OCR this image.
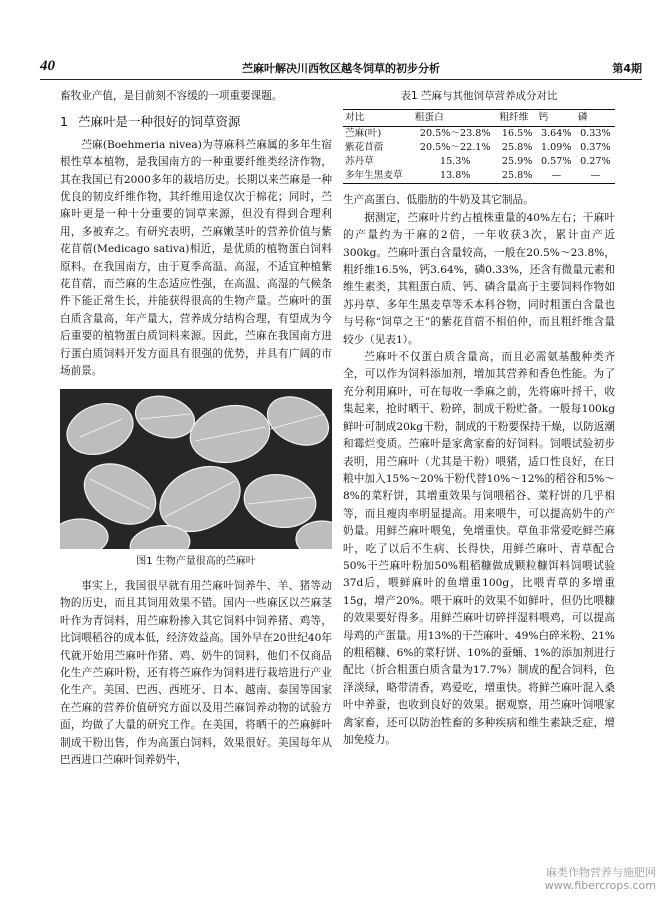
40	苎麻叶解决川西牧区越冬饲草的初步分析	第4期

畜牧业产值，是目前刻不容缓的一项重要课题。

1 苎麻叶是一种很好的饲草资源

苎麻(Boehmeria nivea)为荨麻科苎麻属的多年生宿根性草本植物，是我国南方的一种重要纤维类经济作物，其在我国已有2000多年的栽培历史。长期以来苎麻是一种优良的韧皮纤维作物，其纤维用途仅次于棉花；同时，苎麻叶更是一种十分重要的饲草来源，但没有得到合理利用，多被弃之。有研究表明，苎麻嫩茎叶的营养价值与紫花苜蓿(Medicago sativa)相近，是优质的植物蛋白饲料原料。在我国南方，由于夏季高温、高湿，不适宜种植紫花苜蓿，而苎麻的生态适应性强，在高温、高湿的气候条件下能正常生长，并能获得很高的生物产量。苎麻叶的蛋白质含量高，年产量大，营养成分结构合理，有望成为今后重要的植物蛋白质饲料来源。因此，苎麻在我国南方进行蛋白质饲料开发方面具有很强的优势，并具有广阔的市场前景。

图1 生物产量很高的苎麻叶

事实上，我国很早就有用苎麻叶饲养牛、羊、猪等动物的历史，而且其饲用效果不错。国内一些麻区以苎麻茎叶作为青饲料，用苎麻粉掺入其它饲料中饲养猪、鸡等，比饲喂稻谷的成本低，经济效益高。国外早在20世纪40年代就开始用苎麻叶作猪、鸡、奶牛的饲料，他们不仅商品化生产苎麻叶粉，还有将苎麻作为饲料进行栽培进行产业化生产。美国、巴西、西班牙、日本、越南、泰国等国家在苎麻的营养价值研究方面以及用苎麻饲养动物的试验方面，均做了大量的研究工作。在美国，将晒干的苎麻鲜叶制成干粉出售，作为高蛋白饲料，效果很好。美国每年从巴西进口苎麻叶饲养奶牛，

表1 苎麻与其他饲草营养成分对比
对比	粗蛋白	粗纤维	钙	磷
苎麻(叶)	20.5%～23.8%	16.5%	3.64%	0.33%
紫花苜蓿	20.5%～22.1%	25.8%	1.09%	0.37%
苏丹草	15.3%	25.9%	0.57%	0.27%
多年生黑麦草	13.8%	25.8%	—	—

生产高蛋白、低脂肪的牛奶及其它制品。

据测定，苎麻叶片约占植株重量的40%左右；干麻叶的产量约为干麻的2倍，一年收获3次，累计亩产近300kg。苎麻叶蛋白含量较高，一般在20.5%～23.8%，粗纤维16.5%，钙3.64%，磷0.33%，还含有微量元素和维生素类，其粗蛋白质、钙、磷含量高于主要饲料作物如苏丹草、多年生黑麦草等禾本科谷物，同时粗蛋白含量也与号称“饲草之王”的紫花苜蓿不相伯仲，而且粗纤维含量较少（见表1）。

苎麻叶不仅蛋白质含量高，而且必需氨基酸种类齐全，可以作为饲料添加剂，增加其营养和香色性能。为了充分利用麻叶，可在每收一季麻之前，先将麻叶捋干，收集起来，抢时晒干、粉碎，制成干粉贮备。一般每100kg鲜叶可制成20kg干粉，制成的干粉要保持干燥，以防返潮和霉烂变质。苎麻叶是家禽家畜的好饲料。饲喂试验初步表明，用苎麻叶（尤其是干粉）喂猪，适口性良好，在日粮中加入15%～20%干粉代替10%～12%的稻谷和5%～8%的菜籽饼，其增重效果与饲喂稻谷、菜籽饼的几乎相等，而且瘦肉率明显提高。用来喂牛，可以提高奶牛的产奶量。用鲜苎麻叶喂兔，免增重快。草鱼非常爱吃鲜苎麻叶，吃了以后不生病、长得快，用鲜苎麻叶、青草配合50%干苎麻叶粉加50%粗稻糠做成颗粒糠饵料饲喂试验37d后，喂鲜麻叶的鱼增重100g，比喂青草的多增重15g，增产20%。喂干麻叶的效果不如鲜叶，但仍比喂糠的效果要好得多。用鲜苎麻叶切碎拌湿料喂鸡，可以提高母鸡的产蛋量。用13%的干苎麻叶、49%白碎米粉、21%的粗稻糠、6%的菜籽饼、10%的蚕蛹、1%的添加剂进行配比（折合粗蛋白质含量为17.7%）制成的配合饲料，色泽淡绿，略带清香，鸡爱吃，增重快。将鲜苎麻叶混入桑叶中养蚕，也收到良好的效果。据观察，用苎麻叶饲喂家禽家畜，还可以防治牲畜的多种疾病和维生素缺乏症，增加免疫力。

麻类作物营养与施肥网
www.fibercrops.com
